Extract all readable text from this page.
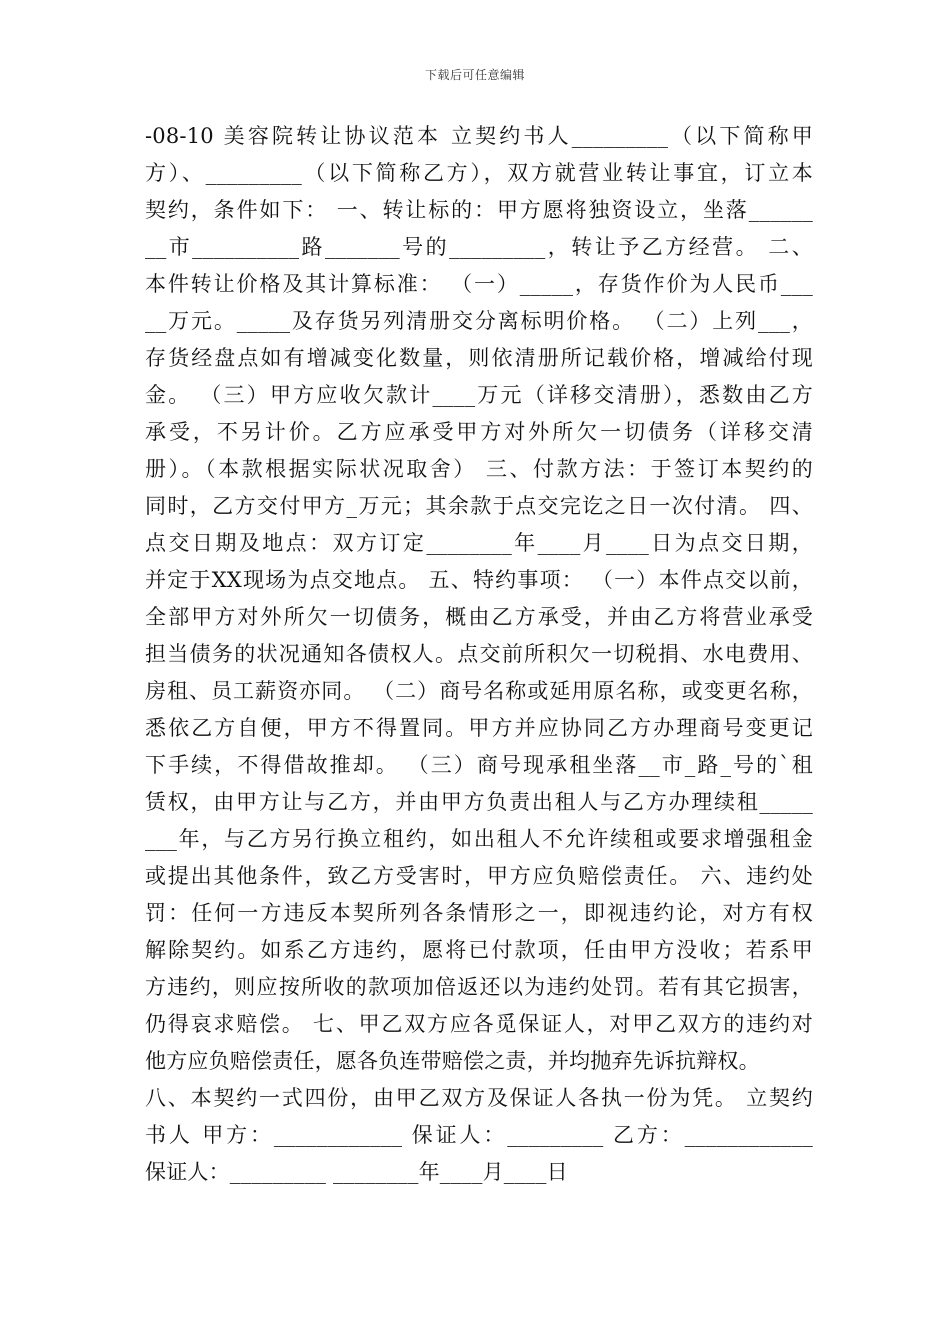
下载后可任意编辑
-08-10 美容院转让协议范本 立契约书人_________（以下简称甲
方）、_________（以下简称乙方），双方就营业转让事宜，订立本
契约，条件如下： 一、转让标的：甲方愿将独资设立，坐落______
__市__________路_______号的_________，转让予乙方经营。 二、
本件转让价格及其计算标准： （一）_____，存货作价为人民币___
__万元。_____及存货另列清册交分离标明价格。 （二）上列___，
存货经盘点如有增减变化数量，则依清册所记载价格，增减给付现
金。 （三）甲方应收欠款计____万元（详移交清册），悉数由乙方
承受，不另计价。乙方应承受甲方对外所欠一切债务（详移交清
册）。（本款根据实际状况取舍） 三、付款方法：于签订本契约的
同时，乙方交付甲方_万元；其余款于点交完讫之日一次付清。 四、
点交日期及地点：双方订定________年____月____日为点交日期，
并定于XX现场为点交地点。 五、特约事项： （一）本件点交以前，
全部甲方对外所欠一切债务，概由乙方承受，并由乙方将营业承受
担当债务的状况通知各债权人。点交前所积欠一切税捐、水电费用、
房租、员工薪资亦同。 （二）商号名称或延用原名称，或变更名称，
悉依乙方自便，甲方不得置同。甲方并应协同乙方办理商号变更记
下手续，不得借故推却。 （三）商号现承租坐落__市_路_号的`租
赁权，由甲方让与乙方，并由甲方负责出租人与乙方办理续租_____
___年，与乙方另行换立租约，如出租人不允许续租或要求增强租金
或提出其他条件，致乙方受害时，甲方应负赔偿责任。 六、违约处
罚：任何一方违反本契所列各条情形之一，即视违约论，对方有权
解除契约。如系乙方违约，愿将已付款项，任由甲方没收；若系甲
方违约，则应按所收的款项加倍返还以为违约处罚。若有其它损害，
仍得哀求赔偿。 七、甲乙双方应各觅保证人，对甲乙双方的违约对
他方应负赔偿责任，愿各负连带赔偿之责，并均抛弃先诉抗辩权。
八、本契约一式四份，由甲乙双方及保证人各执一份为凭。 立契约
书人 甲方：____________ 保证人：_________ 乙方：____________
保证人：_________ ________年____月____日
